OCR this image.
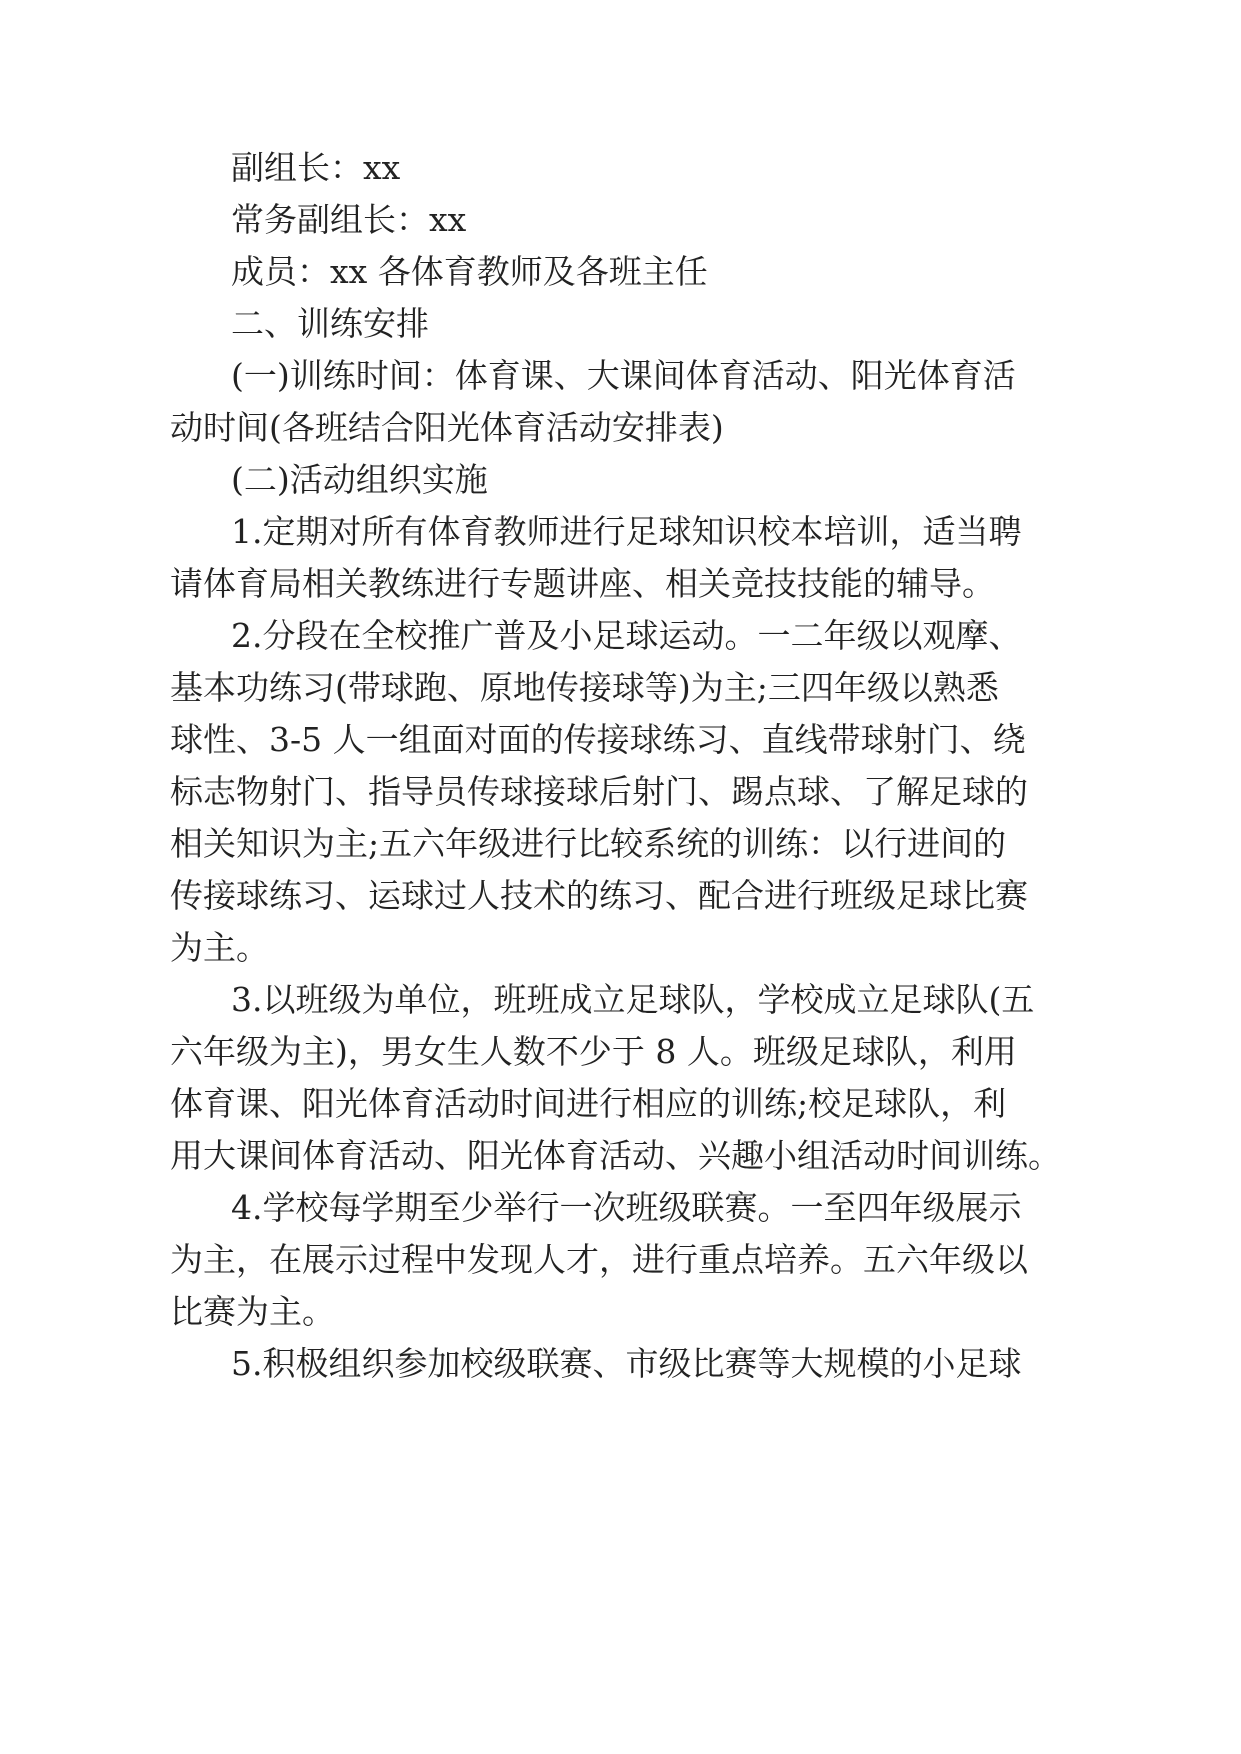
副组长：xx
常务副组长：xx
成员：xx 各体育教师及各班主任
二、训练安排
(一)训练时间：体育课、大课间体育活动、阳光体育活
动时间(各班结合阳光体育活动安排表)
(二)活动组织实施
1.定期对所有体育教师进行足球知识校本培训，适当聘
请体育局相关教练进行专题讲座、相关竞技技能的辅导。
2.分段在全校推广普及小足球运动。一二年级以观摩、
基本功练习(带球跑、原地传接球等)为主;三四年级以熟悉
球性、3-5 人一组面对面的传接球练习、直线带球射门、绕
标志物射门、指导员传球接球后射门、踢点球、了解足球的
相关知识为主;五六年级进行比较系统的训练：以行进间的
传接球练习、运球过人技术的练习、配合进行班级足球比赛
为主。
3.以班级为单位，班班成立足球队，学校成立足球队(五
六年级为主)，男女生人数不少于 8 人。班级足球队，利用
体育课、阳光体育活动时间进行相应的训练;校足球队，利
用大课间体育活动、阳光体育活动、兴趣小组活动时间训练。
4.学校每学期至少举行一次班级联赛。一至四年级展示
为主，在展示过程中发现人才，进行重点培养。五六年级以
比赛为主。
5.积极组织参加校级联赛、市级比赛等大规模的小足球
